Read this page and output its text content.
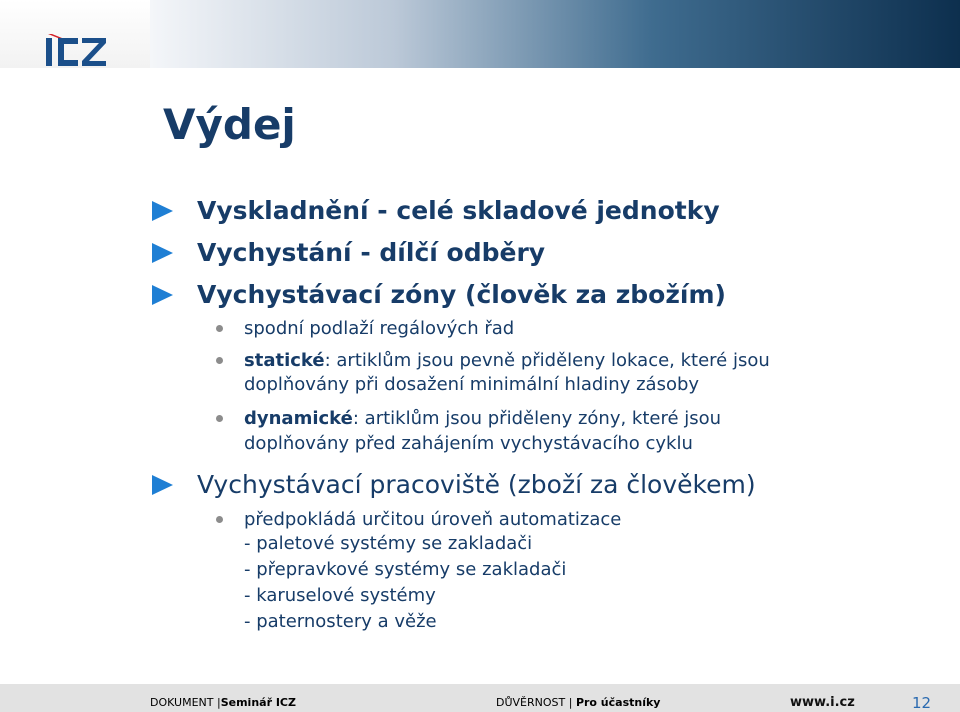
Výdej
Vyskladnění - celé skladové jednotky
Vychystání - dílčí odběry
Vychystávací zóny (člověk za zbožím)
spodní podlaží regálových řad
statické: artiklům jsou pevně přiděleny lokace, které jsou
doplňovány při dosažení minimální hladiny zásoby
dynamické: artiklům jsou přiděleny zóny, které jsou
doplňovány před zahájením vychystávacího cyklu
Vychystávací pracoviště (zboží za člověkem)
předpokládá určitou úroveň automatizace
- paletové systémy se zakladači
- přepravkové systémy se zakladači
- karuselové systémy
- paternostery a věže
DOKUMENT |Seminář ICZ	DŮVĚRNOST | Pro účastníky	www.i.cz	12
